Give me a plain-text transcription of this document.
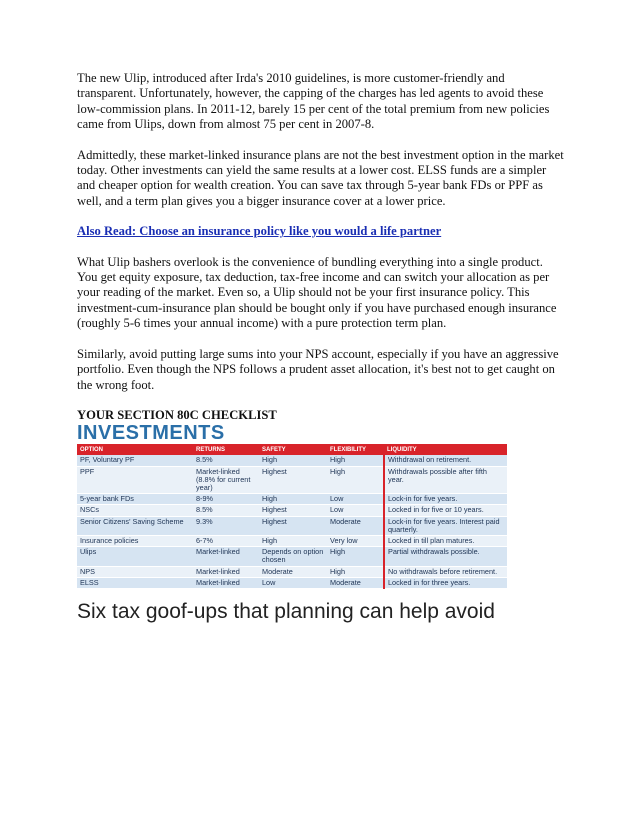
The new Ulip, introduced after Irda's 2010 guidelines, is more customer-friendly and transparent. Unfortunately, however, the capping of the charges has led agents to avoid these low-commission plans. In 2011-12, barely 15 per cent of the total premium from new policies came from Ulips, down from almost 75 per cent in 2007-8.

Admittedly, these market-linked insurance plans are not the best investment option in the market today. Other investments can yield the same results at a lower cost. ELSS funds are a simpler and cheaper option for wealth creation. You can save tax through 5-year bank FDs or PPF as well, and a term plan gives you a bigger insurance cover at a lower price.

Also Read: Choose an insurance policy like you would a life partner

What Ulip bashers overlook is the convenience of bundling everything into a single product. You get equity exposure, tax deduction, tax-free income and can switch your allocation as per your reading of the market. Even so, a Ulip should not be your first insurance policy. This investment-cum-insurance plan should be bought only if you have purchased enough insurance (roughly 5-6 times your annual income) with a pure protection term plan.

Similarly, avoid putting large sums into your NPS account, especially if you have an aggressive portfolio. Even though the NPS follows a prudent asset allocation, it's best not to get caught on the wrong foot.

YOUR SECTION 80C CHECKLIST
INVESTMENTS
OPTION	RETURNS	SAFETY	FLEXIBILITY	LIQUIDITY
PF, Voluntary PF	8.5%	High	High	Withdrawal on retirement.
PPF	Market-linked (8.8% for current year)	Highest	High	Withdrawals possible after fifth year.
5-year bank FDs	8-9%	High	Low	Lock-in for five years.
NSCs	8.5%	Highest	Low	Locked in for five or 10 years.
Senior Citizens' Saving Scheme	9.3%	Highest	Moderate	Lock-in for five years. Interest paid quarterly.
Insurance policies	6-7%	High	Very low	Locked in till plan matures.
Ulips	Market-linked	Depends on option chosen	High	Partial withdrawals possible.
NPS	Market-linked	Moderate	High	No withdrawals before retirement.
ELSS	Market-linked	Low	Moderate	Locked in for three years.
Six tax goof-ups that planning can help avoid
